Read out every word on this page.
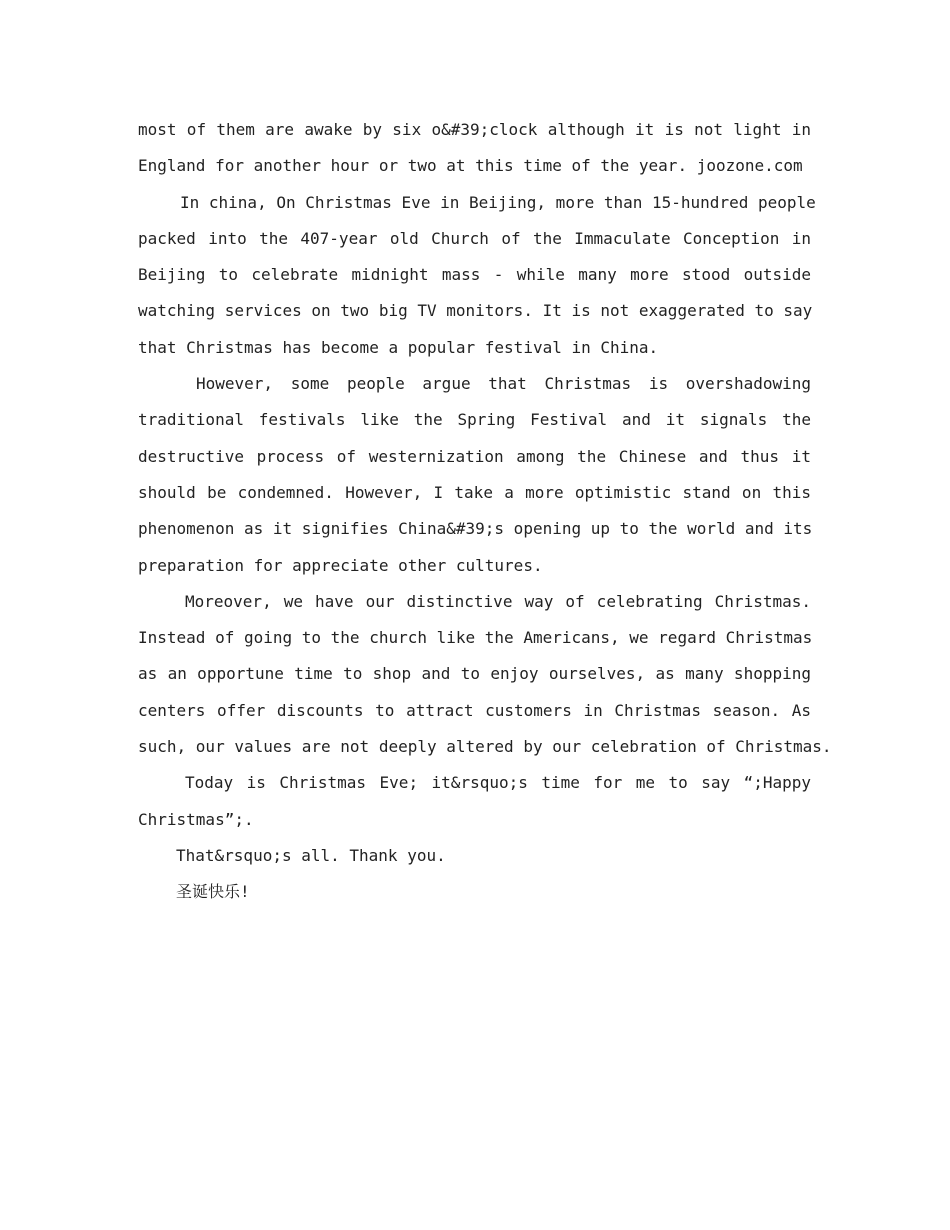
most of them are awake by six o&#39;clock although it is not light in
England for another hour or two at this time of the year. joozone.com
In china, On Christmas Eve in Beijing, more than 15-hundred people
packed into the 407-year old Church of the Immaculate Conception in
Beijing to celebrate midnight mass - while many more stood outside
watching services on two big TV monitors. It is not exaggerated to say
that Christmas has become a popular festival in China.
However, some people argue that Christmas is overshadowing
traditional festivals like the Spring Festival and it signals the
destructive process of westernization among the Chinese and thus it
should be condemned. However, I take a more optimistic stand on this
phenomenon as it signifies China&#39;s opening up to the world and its
preparation for appreciate other cultures.
Moreover, we have our distinctive way of celebrating Christmas.
Instead of going to the church like the Americans, we regard Christmas
as an opportune time to shop and to enjoy ourselves, as many shopping
centers offer discounts to attract customers in Christmas season. As
such, our values are not deeply altered by our celebration of Christmas.
Today is Christmas Eve; it&rsquo;s time for me to say “;Happy
Christmas”;.
That&rsquo;s all. Thank you.
圣诞快乐!
